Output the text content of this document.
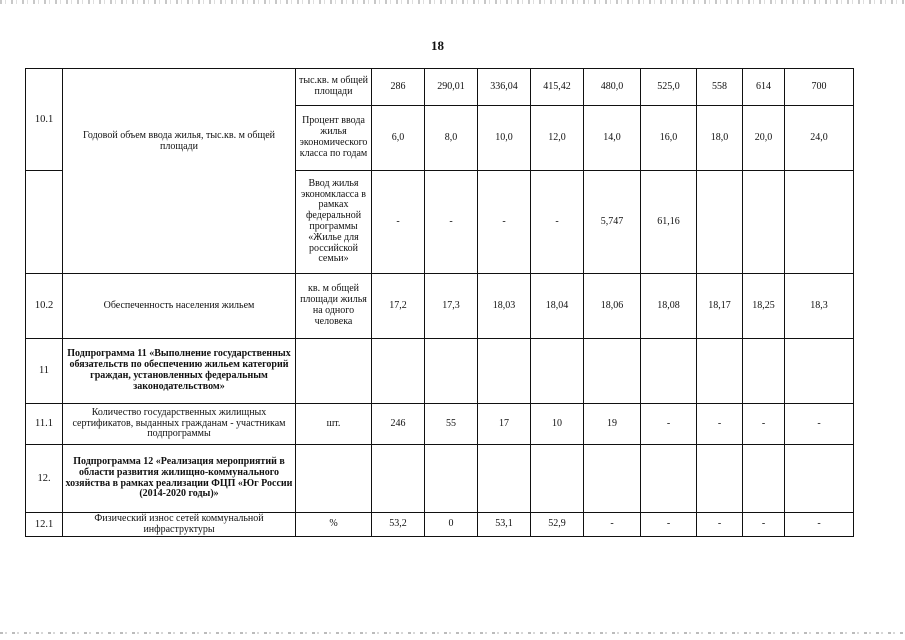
18
10.1	Годовой объем ввода жилья, тыс.кв. м общей площади	тыс.кв. м общей площади	286	290,01	336,04	415,42	480,0	525,0	558	614	700
		Процент ввода жилья экономического класса по годам	6,0	8,0	10,0	12,0	14,0	16,0	18,0	20,0	24,0
		Ввод жилья экономкласса в рамках федеральной программы «Жилье для российской семьи»	-	-	-	-	5,747	61,16			
10.2	Обеспеченность населения жильем	кв. м общей площади жилья на одного человека	17,2	17,3	18,03	18,04	18,06	18,08	18,17	18,25	18,3
11	Подпрограмма 11 «Выполнение государственных обязательств по обеспечению жильем категорий граждан, установленных федеральным законодательством»										
11.1	Количество государственных жилищных сертификатов, выданных гражданам - участникам подпрограммы	шт.	246	55	17	10	19	-	-	-	-
12.	Подпрограмма 12 «Реализация мероприятий в области развития жилищно-коммунального хозяйства в рамках реализации ФЦП «Юг России (2014-2020 годы)»										
12.1	Физический износ сетей коммунальной инфраструктуры	%	53,2	0	53,1	52,9	-	-	-	-	-
